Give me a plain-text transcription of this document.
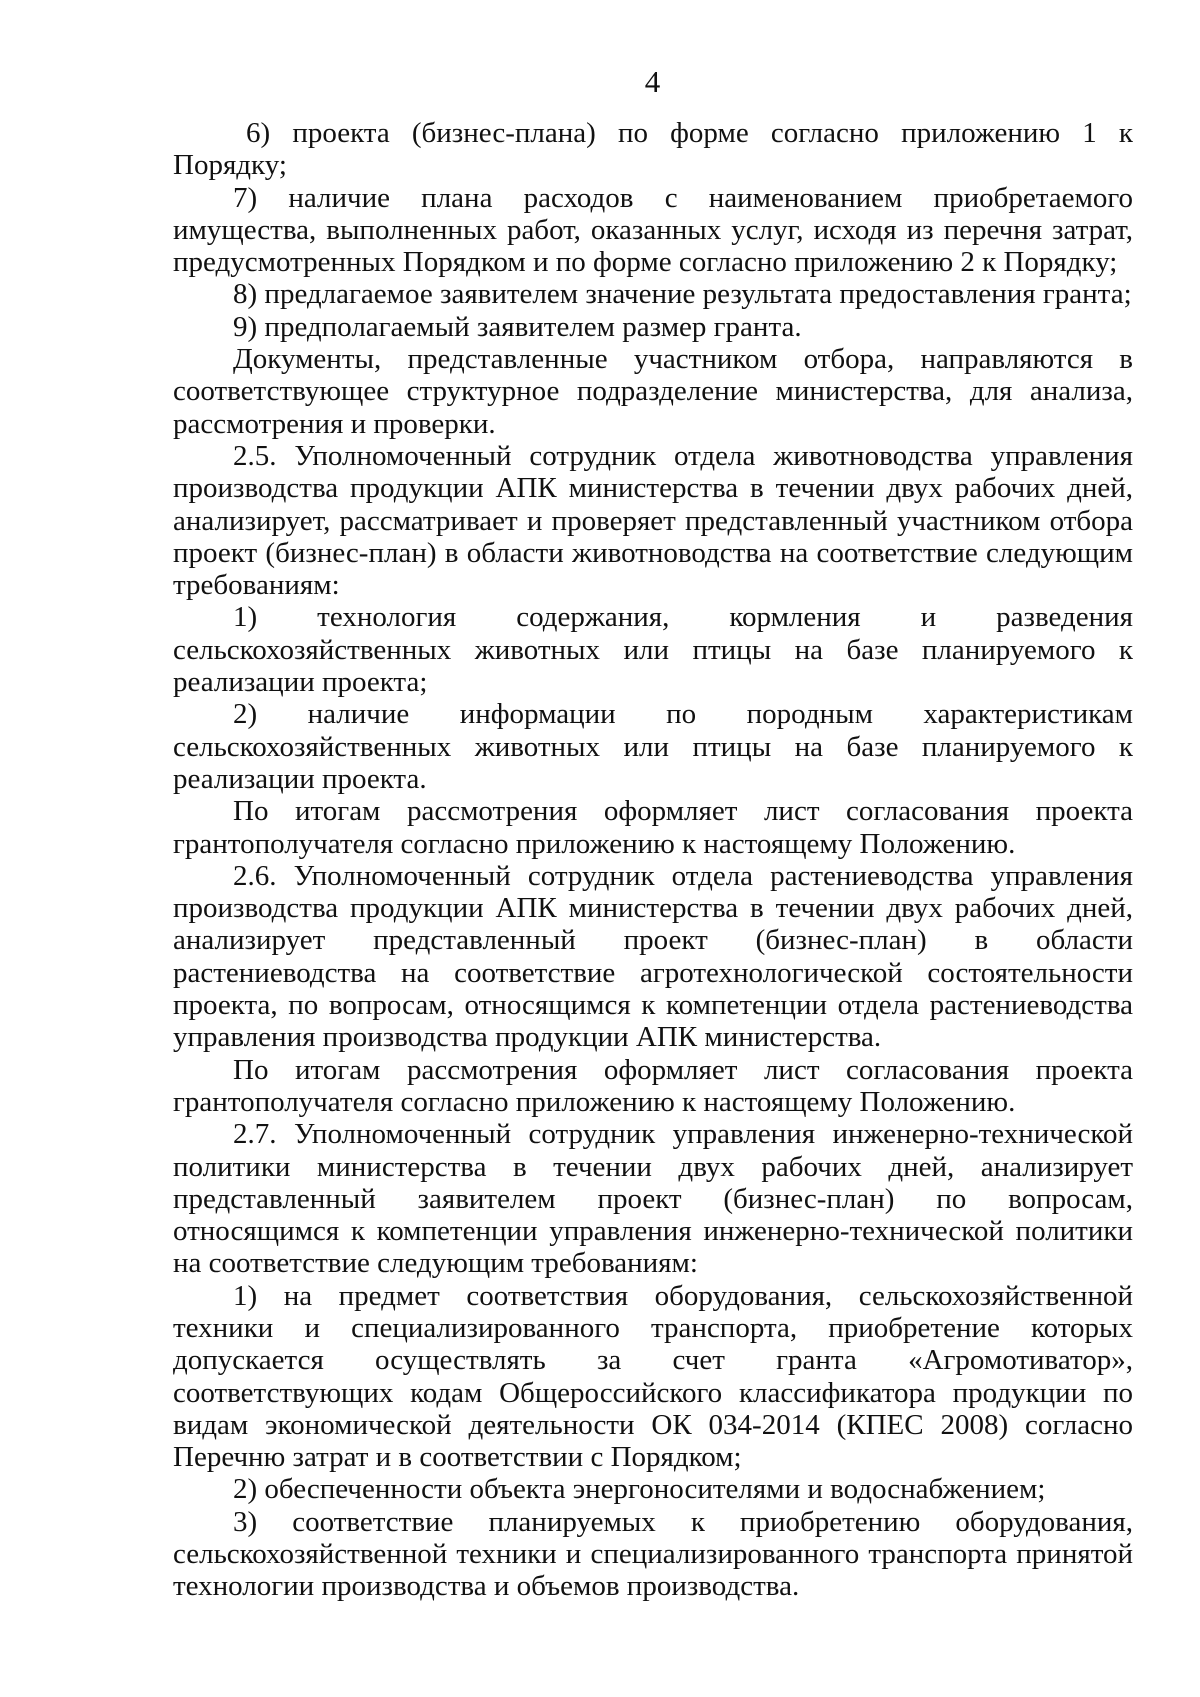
4

6) проекта (бизнес-плана) по форме согласно приложению 1 к Порядку;

7) наличие плана расходов с наименованием приобретаемого имущества, выполненных работ, оказанных услуг, исходя из перечня затрат, предусмотренных Порядком и по форме согласно приложению 2 к Порядку;

8) предлагаемое заявителем значение результата предоставления гранта;

9) предполагаемый заявителем размер гранта.

Документы, представленные участником отбора, направляются в соответствующее структурное подразделение министерства, для анализа, рассмотрения и проверки.

2.5. Уполномоченный сотрудник отдела животноводства управления производства продукции АПК министерства в течении двух рабочих дней, анализирует, рассматривает и проверяет представленный участником отбора проект (бизнес-план) в области животноводства на соответствие следующим требованиям:

1) технология содержания, кормления и разведения сельскохозяйственных животных или птицы на базе планируемого к реализации проекта;

2) наличие информации по породным характеристикам сельскохозяйственных животных или птицы на базе планируемого к реализации проекта.

По итогам рассмотрения оформляет лист согласования проекта грантополучателя согласно приложению к настоящему Положению.

2.6. Уполномоченный сотрудник отдела растениеводства управления производства продукции АПК министерства в течении двух рабочих дней, анализирует представленный проект (бизнес-план) в области растениеводства на соответствие агротехнологической состоятельности проекта, по вопросам, относящимся к компетенции отдела растениеводства управления производства продукции АПК министерства.

По итогам рассмотрения оформляет лист согласования проекта грантополучателя согласно приложению к настоящему Положению.

2.7. Уполномоченный сотрудник управления инженерно-технической политики министерства в течении двух рабочих дней, анализирует представленный заявителем проект (бизнес-план) по вопросам, относящимся к компетенции управления инженерно-технической политики на соответствие следующим требованиям:

1) на предмет соответствия оборудования, сельскохозяйственной техники и специализированного транспорта, приобретение которых допускается осуществлять за счет гранта «Агромотиватор», соответствующих кодам Общероссийского классификатора продукции по видам экономической деятельности ОК 034-2014 (КПЕС 2008) согласно Перечню затрат и в соответствии с Порядком;

2) обеспеченности объекта энергоносителями и водоснабжением;

3) соответствие планируемых к приобретению оборудования, сельскохозяйственной техники и специализированного транспорта принятой технологии производства и объемов производства.
